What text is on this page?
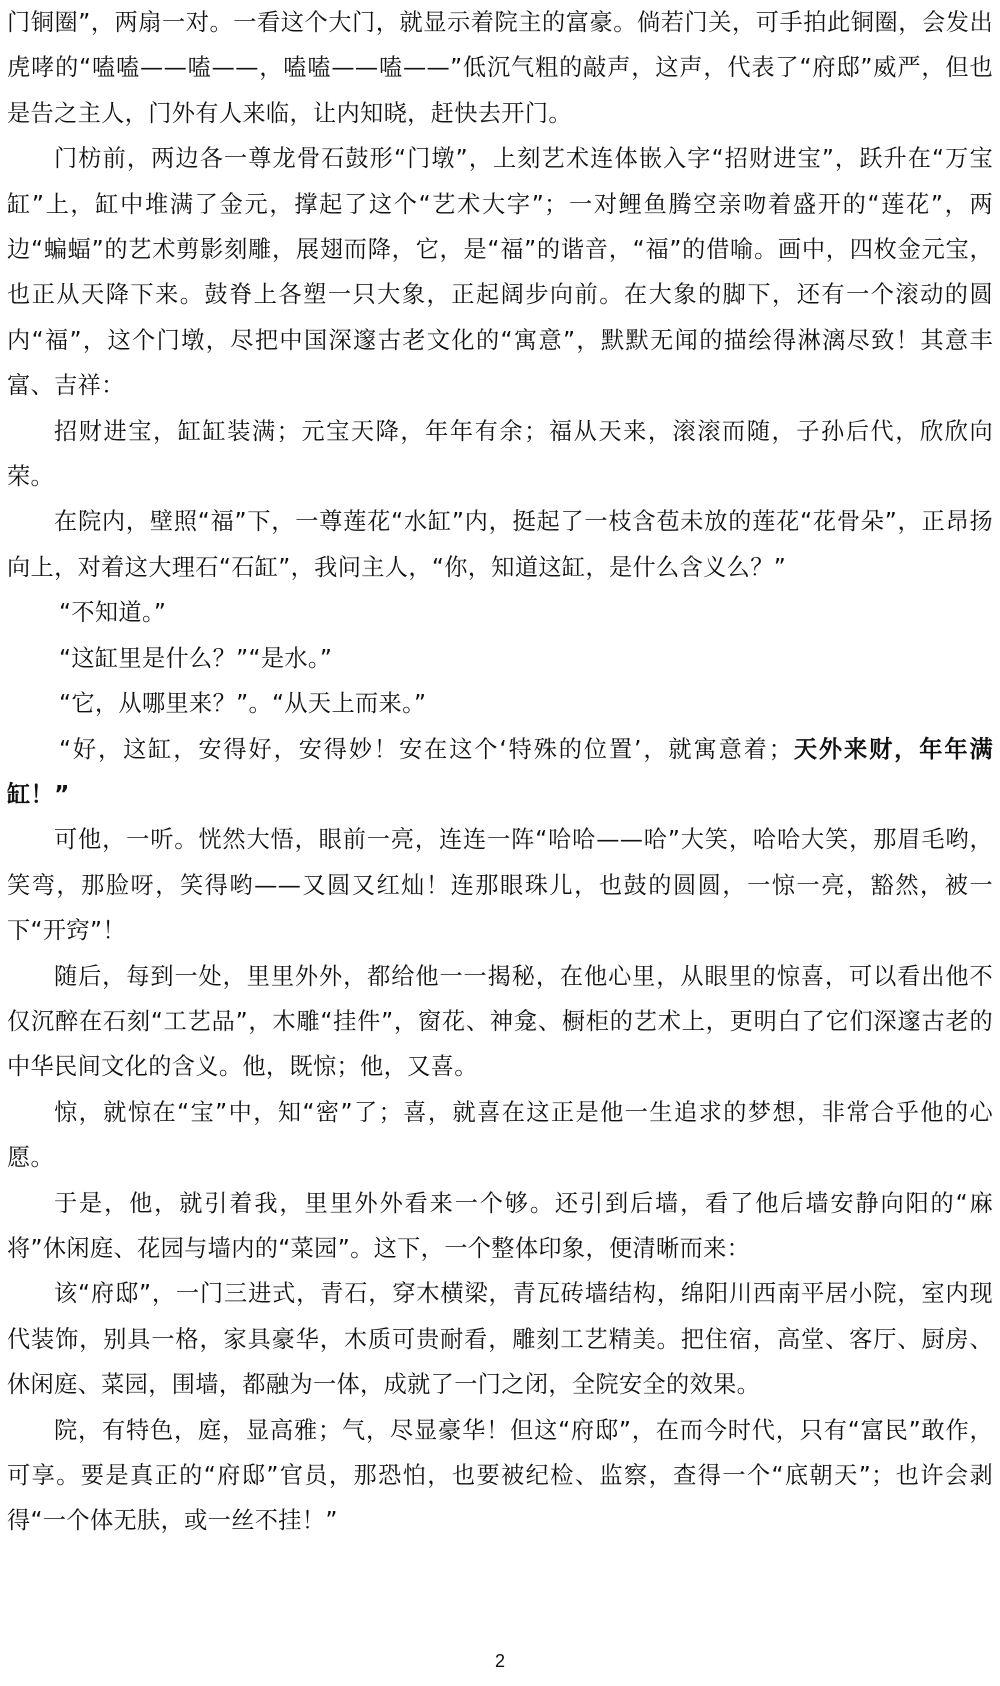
门铜圈”，两扇一对。一看这个大门，就显示着院主的富豪。倘若门关，可手拍此铜圈，会发出虎哮的“嗑嗑——嗑——，嗑嗑——嗑——”低沉气粗的敲声，这声，代表了“府邸”威严，但也是告之主人，门外有人来临，让内知晓，赶快去开门。

门枋前，两边各一尊龙骨石鼓形“门墩”，上刻艺术连体嵌入字“招财进宝”，跃升在“万宝缸”上，缸中堆满了金元，撑起了这个“艺术大字”；一对鲤鱼腾空亲吻着盛开的“莲花”，两边“蝙蝠”的艺术剪影刻雕，展翅而降，它，是“福”的谐音，“福”的借喻。画中，四枚金元宝，也正从天降下来。鼓脊上各塑一只大象，正起阔步向前。在大象的脚下，还有一个滚动的圆内“福”，这个门墩，尽把中国深邃古老文化的“寓意”，默默无闻的描绘得淋漓尽致！其意丰富、吉祥：

招财进宝，缸缸装满；元宝天降，年年有余；福从天来，滚滚而随，子孙后代，欣欣向荣。

在院内，壁照“福”下，一尊莲花“水缸”内，挺起了一枝含苞未放的莲花“花骨朵”，正昂扬向上，对着这大理石“石缸”，我问主人，“你，知道这缸，是什么含义么？”

“不知道。”

“这缸里是什么？”“是水。”

“它，从哪里来？”。“从天上而来。”

“好，这缸，安得好，安得妙！安在这个‘特殊的位置’，就寓意着；天外来财，年年满缸！”

可他，一听。恍然大悟，眼前一亮，连连一阵“哈哈——哈”大笑，哈哈大笑，那眉毛哟，笑弯，那脸呀，笑得哟——又圆又红灿！连那眼珠儿，也鼓的圆圆，一惊一亮，豁然，被一下“开窍”！

随后，每到一处，里里外外，都给他一一揭秘，在他心里，从眼里的惊喜，可以看出他不仅沉醉在石刻“工艺品”，木雕“挂件”，窗花、神龛、橱柜的艺术上，更明白了它们深邃古老的中华民间文化的含义。他，既惊；他，又喜。

惊，就惊在“宝”中，知“密”了；喜，就喜在这正是他一生追求的梦想，非常合乎他的心愿。

于是，他，就引着我，里里外外看来一个够。还引到后墙，看了他后墙安静向阳的“麻将”休闲庭、花园与墙内的“菜园”。这下，一个整体印象，便清晰而来：

该“府邸”，一门三进式，青石，穿木横梁，青瓦砖墙结构，绵阳川西南平居小院，室内现代装饰，别具一格，家具豪华，木质可贵耐看，雕刻工艺精美。把住宿，高堂、客厅、厨房、休闲庭、菜园，围墙，都融为一体，成就了一门之闭，全院安全的效果。

院，有特色，庭，显高雅；气，尽显豪华！但这“府邸”，在而今时代，只有“富民”敢作，可享。要是真正的“府邸”官员，那恐怕，也要被纪检、监察，查得一个“底朝天”；也许会剥得“一个体无肤，或一丝不挂！”

2
